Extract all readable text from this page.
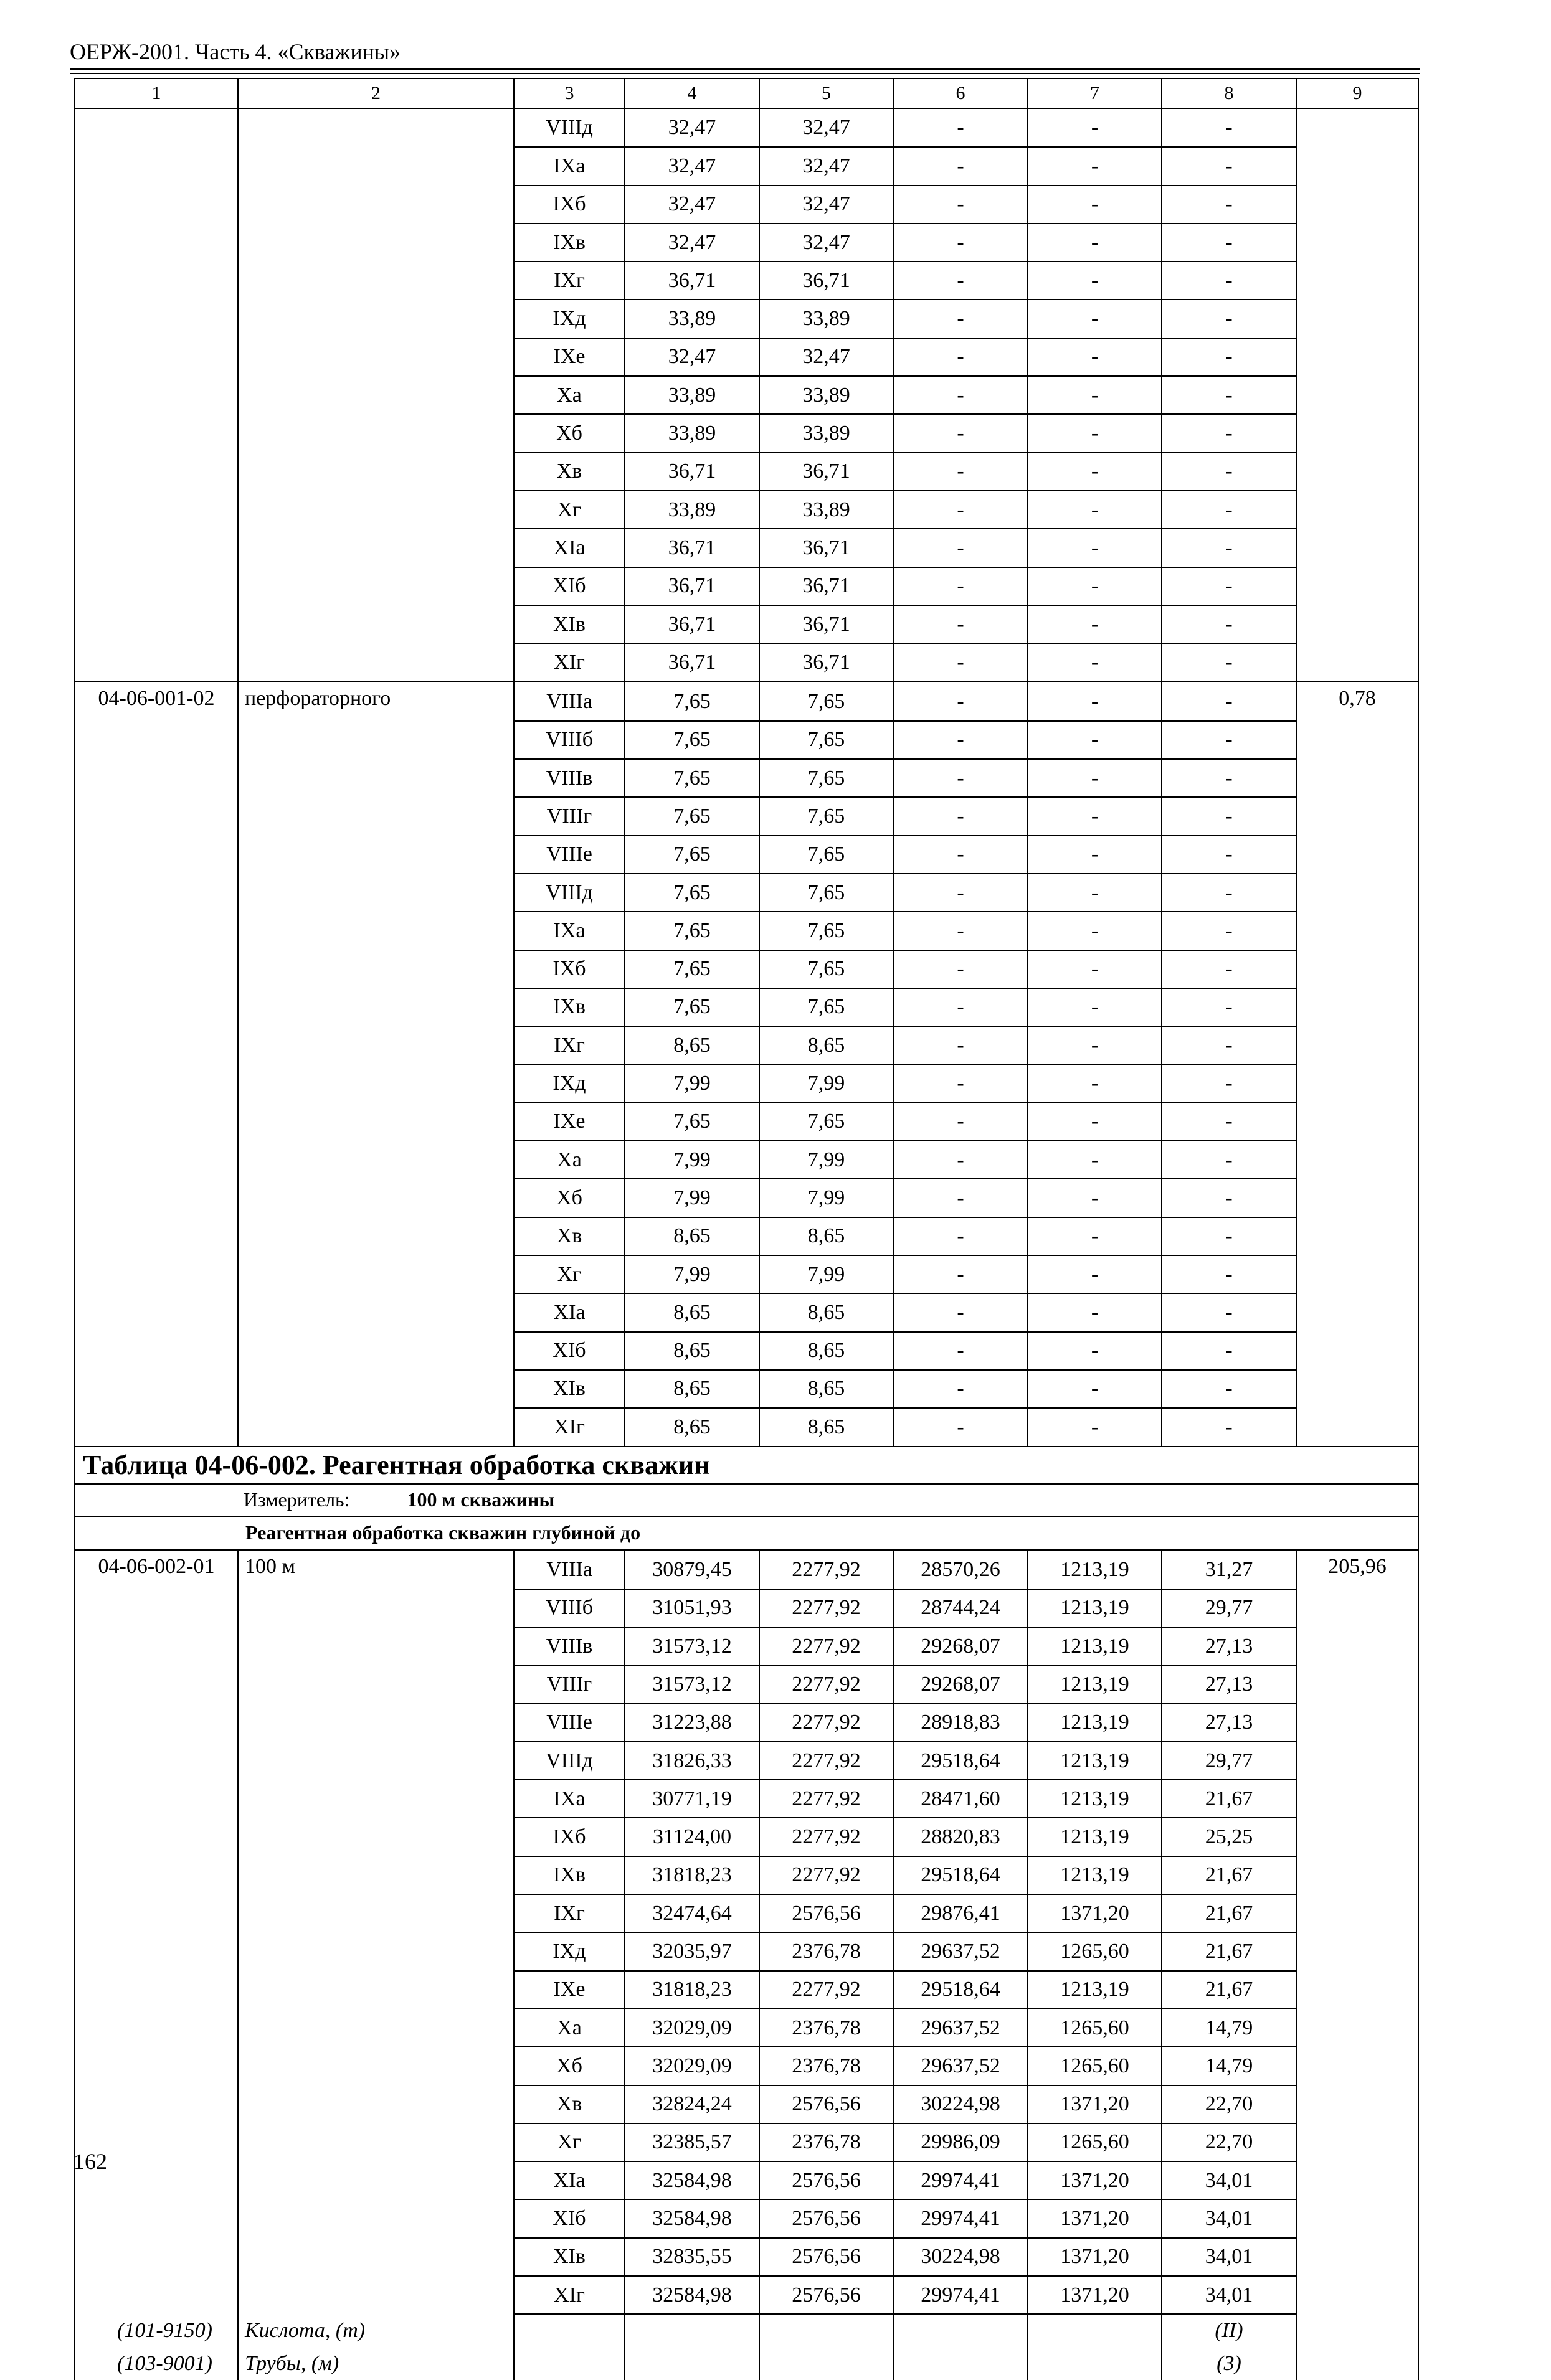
ОЕРЖ-2001. Часть 4. «Скважины»
1	2	3	4	5	6	7	8	9
		VIIIд	32,47	32,47	-	-	-	
		IXа	32,47	32,47	-	-	-	
		IXб	32,47	32,47	-	-	-	
		IXв	32,47	32,47	-	-	-	
		IXг	36,71	36,71	-	-	-	
		IXд	33,89	33,89	-	-	-	
		IXе	32,47	32,47	-	-	-	
		Xа	33,89	33,89	-	-	-	
		Xб	33,89	33,89	-	-	-	
		Xв	36,71	36,71	-	-	-	
		Xг	33,89	33,89	-	-	-	
		XIа	36,71	36,71	-	-	-	
		XIб	36,71	36,71	-	-	-	
		XIв	36,71	36,71	-	-	-	
		XIг	36,71	36,71	-	-	-	
04-06-001-02	перфораторного	VIIIа	7,65	7,65	-	-	-	0,78
		VIIIб	7,65	7,65	-	-	-	
		VIIIв	7,65	7,65	-	-	-	
		VIIIг	7,65	7,65	-	-	-	
		VIIIе	7,65	7,65	-	-	-	
		VIIIд	7,65	7,65	-	-	-	
		IXа	7,65	7,65	-	-	-	
		IXб	7,65	7,65	-	-	-	
		IXв	7,65	7,65	-	-	-	
		IXг	8,65	8,65	-	-	-	
		IXд	7,99	7,99	-	-	-	
		IXе	7,65	7,65	-	-	-	
		Xа	7,99	7,99	-	-	-	
		Xб	7,99	7,99	-	-	-	
		Xв	8,65	8,65	-	-	-	
		Xг	7,99	7,99	-	-	-	
		XIа	8,65	8,65	-	-	-	
		XIб	8,65	8,65	-	-	-	
		XIв	8,65	8,65	-	-	-	
		XIг	8,65	8,65	-	-	-	
Таблица 04-06-002. Реагентная обработка скважин								
Измеритель: 100 м скважины								
Реагентная обработка скважин глубиной до								
04-06-002-01	100 м	VIIIа	30879,45	2277,92	28570,26	1213,19	31,27	205,96
		VIIIб	31051,93	2277,92	28744,24	1213,19	29,77	
		VIIIв	31573,12	2277,92	29268,07	1213,19	27,13	
		VIIIг	31573,12	2277,92	29268,07	1213,19	27,13	
		VIIIе	31223,88	2277,92	28918,83	1213,19	27,13	
		VIIIд	31826,33	2277,92	29518,64	1213,19	29,77	
		IXа	30771,19	2277,92	28471,60	1213,19	21,67	
		IXб	31124,00	2277,92	28820,83	1213,19	25,25	
		IXв	31818,23	2277,92	29518,64	1213,19	21,67	
		IXг	32474,64	2576,56	29876,41	1371,20	21,67	
		IXд	32035,97	2376,78	29637,52	1265,60	21,67	
		IXе	31818,23	2277,92	29518,64	1213,19	21,67	
		Xа	32029,09	2376,78	29637,52	1265,60	14,79	
		Xб	32029,09	2376,78	29637,52	1265,60	14,79	
		Xв	32824,24	2576,56	30224,98	1371,20	22,70	
		Xг	32385,57	2376,78	29986,09	1265,60	22,70	
		XIа	32584,98	2576,56	29974,41	1371,20	34,01	
		XIб	32584,98	2576,56	29974,41	1371,20	34,01	
		XIв	32835,55	2576,56	30224,98	1371,20	34,01	
		XIг	32584,98	2576,56	29974,41	1371,20	34,01	
(101-9150)	Кислота, (т)						(II)	
(103-9001)	Трубы, (м)						(3)	
162
